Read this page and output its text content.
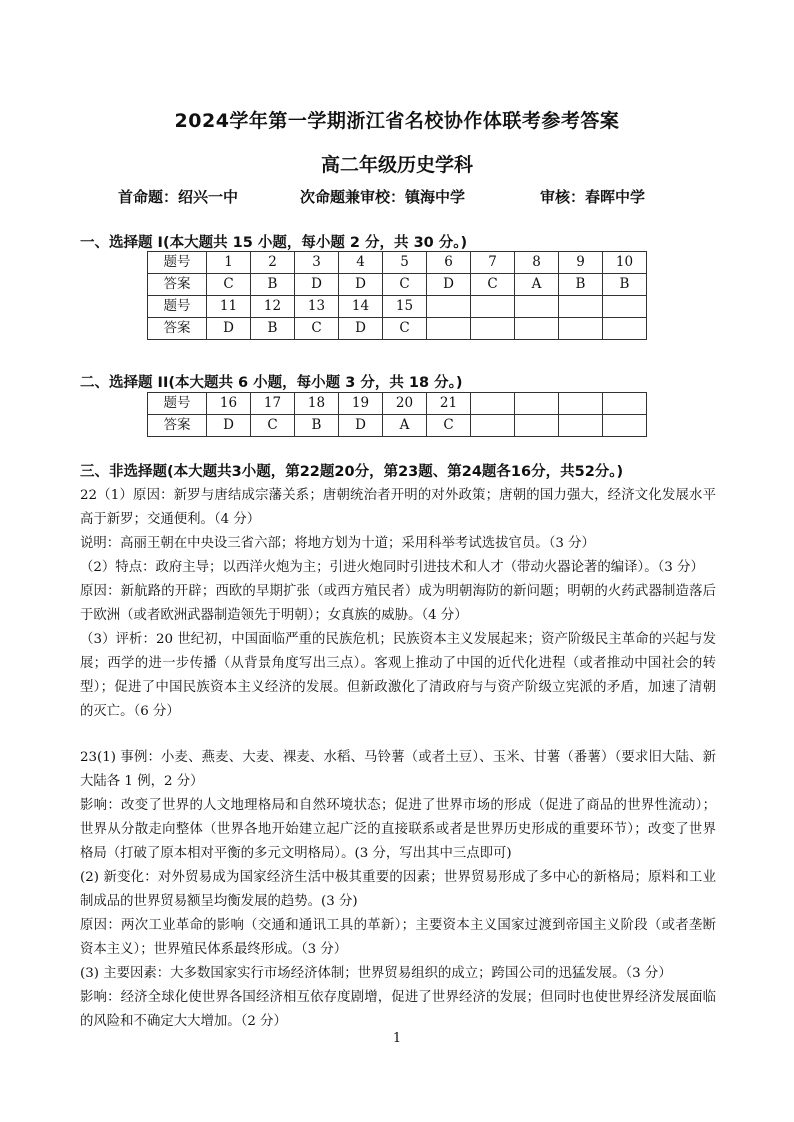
2024学年第一学期浙江省名校协作体联考参考答案
高二年级历史学科
首命题：绍兴一中	次命题兼审校：镇海中学	审核：春晖中学
一、选择题 I(本大题共 15 小题，每小题 2 分，共 30 分。)
题号	1	2	3	4	5	6	7	8	9	10
答案	C	B	D	D	C	D	C	A	B	B
题号	11	12	13	14	15					
答案	D	B	C	D	C					
二、选择题 II(本大题共 6 小题，每小题 3 分，共 18 分。)
题号	16	17	18	19	20	21				
答案	D	C	B	D	A	C				
三、非选择题(本大题共3小题，第22题20分，第23题、第24题各16分，共52分。)

22（1）原因：新罗与唐结成宗藩关系；唐朝统治者开明的对外政策；唐朝的国力强大，经济文化发展水平高于新罗；交通便利。（4 分）

说明：高丽王朝在中央设三省六部；将地方划为十道；采用科举考试选拔官员。（3 分）

（2）特点：政府主导；以西洋火炮为主；引进火炮同时引进技术和人才（带动火器论著的编译）。（3 分）

原因：新航路的开辟；西欧的早期扩张（或西方殖民者）成为明朝海防的新问题；明朝的火药武器制造落后于欧洲（或者欧洲武器制造领先于明朝）；女真族的威胁。（4 分）

（3）评析：20 世纪初，中国面临严重的民族危机；民族资本主义发展起来；资产阶级民主革命的兴起与发展；西学的进一步传播（从背景角度写出三点）。客观上推动了中国的近代化进程（或者推动中国社会的转型）；促进了中国民族资本主义经济的发展。但新政激化了清政府与与资产阶级立宪派的矛盾，加速了清朝的灭亡。（6 分）

23(1) 事例：小麦、燕麦、大麦、裸麦、水稻、马铃薯（或者土豆）、玉米、甘薯（番薯）（要求旧大陆、新大陆各 1 例，2 分）

影响：改变了世界的人文地理格局和自然环境状态；促进了世界市场的形成（促进了商品的世界性流动）；世界从分散走向整体（世界各地开始建立起广泛的直接联系或者是世界历史形成的重要环节）；改变了世界格局（打破了原本相对平衡的多元文明格局）。(3 分，写出其中三点即可)

(2) 新变化：对外贸易成为国家经济生活中极其重要的因素；世界贸易形成了多中心的新格局；原料和工业制成品的世界贸易额呈均衡发展的趋势。(3 分)

原因：两次工业革命的影响（交通和通讯工具的革新）；主要资本主义国家过渡到帝国主义阶段（或者垄断资本主义）；世界殖民体系最终形成。（3 分）

(3) 主要因素：大多数国家实行市场经济体制；世界贸易组织的成立；跨国公司的迅猛发展。（3 分）

影响：经济全球化使世界各国经济相互依存度剧增，促进了世界经济的发展；但同时也使世界经济发展面临的风险和不确定大大增加。（2 分）

1
